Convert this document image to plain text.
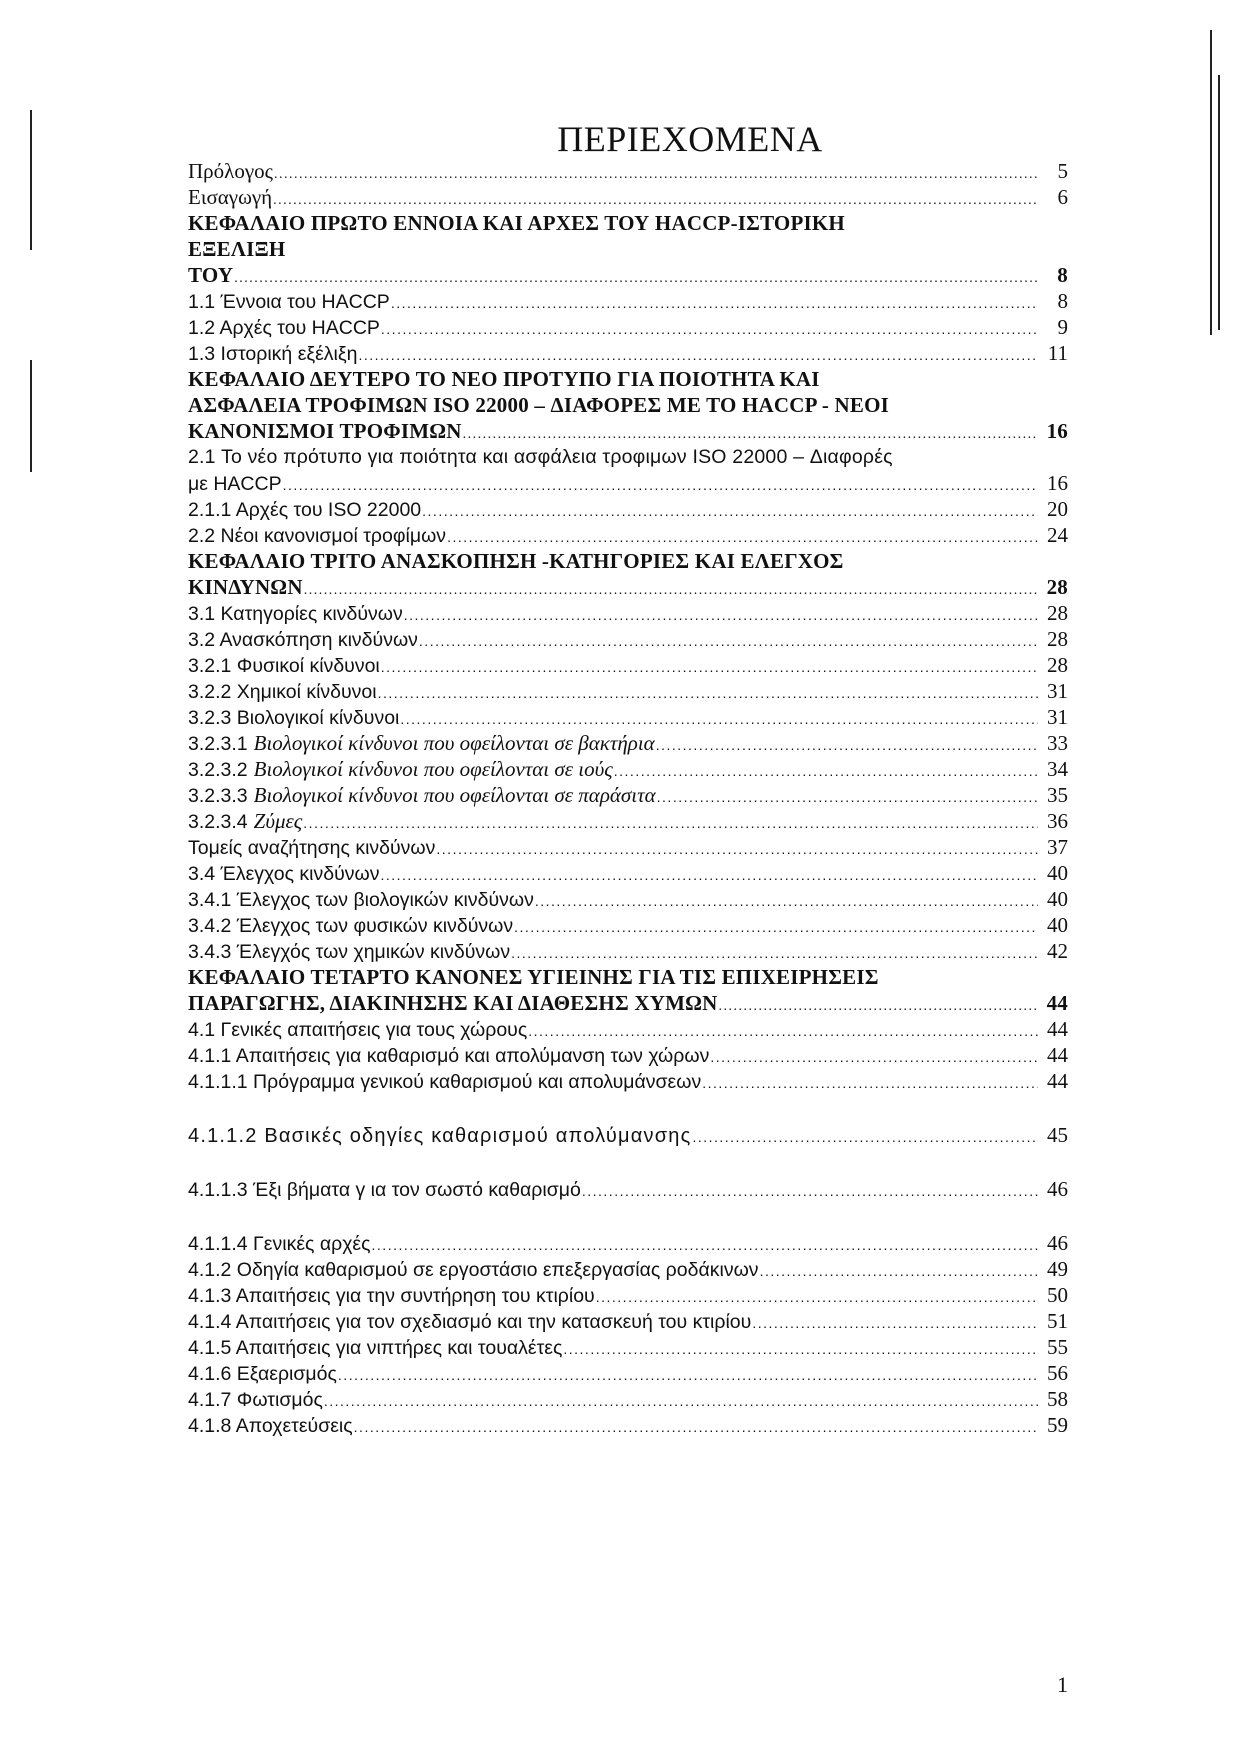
ΠΕΡΙΕΧΟΜΕΝΑ
Πρόλογος .....	5
Εισαγωγή .....	6
ΚΕΦΑΛΑΙΟ ΠΡΩΤΟ ΕΝΝΟΙΑ ΚΑΙ ΑΡΧΕΣ ΤΟΥ HACCP-ΙΣΤΟΡΙΚΗ
ΕΞΕΛΙΞΗ
ΤΟΥ .....	8
1.1 Έννοια του HACCP .....	8
1.2 Αρχές του HACCP .....	9
1.3 Ιστορική εξέλιξη .....	11
ΚΕΦΑΛΑΙΟ ΔΕΥΤΕΡΟ ΤΟ ΝΕΟ ΠΡΟΤΥΠΟ ΓΙΑ ΠΟΙΟΤΗΤΑ ΚΑΙ
ΑΣΦΑΛΕΙΑ ΤΡΟΦΙΜΩΝ ISO 22000 – ΔΙΑΦΟΡΕΣ ΜΕ ΤΟ HACCP - ΝΕΟΙ
ΚΑΝΟΝΙΣΜΟΙ ΤΡΟΦΙΜΩΝ .....	16
2.1 Το νέο πρότυπο για ποιότητα και ασφάλεια τροφιμων ISO 22000 – Διαφορές
με HACCP .....	16
2.1.1 Αρχές του ISO 22000 .....	20
2.2 Νέοι κανονισμοί τροφίμων .....	24
ΚΕΦΑΛΑΙΟ ΤΡΙΤΟ ΑΝΑΣΚΟΠΗΣΗ -ΚΑΤΗΓΟΡΙΕΣ ΚΑΙ ΕΛΕΓΧΟΣ
ΚΙΝΔΥΝΩΝ .....	28
3.1 Κατηγορίες κινδύνων .....	28
3.2 Ανασκόπηση κινδύνων .....	28
3.2.1 Φυσικοί κίνδυνοι .....	28
3.2.2 Χημικοί κίνδυνοι .....	31
3.2.3 Βιολογικοί κίνδυνοι .....	31
3.2.3.1 Βιολογικοί κίνδυνοι που οφείλονται σε βακτήρια .....	33
3.2.3.2 Βιολογικοί κίνδυνοι που οφείλονται σε ιούς .....	34
3.2.3.3 Βιολογικοί κίνδυνοι που οφείλονται σε παράσιτα .....	35
3.2.3.4 Ζύμες .....	36
Τομείς αναζήτησης κινδύνων .....	37
3.4 Έλεγχος κινδύνων .....	40
3.4.1 Έλεγχος των βιολογικών κινδύνων .....	40
3.4.2 Έλεγχος των φυσικών κινδύνων .....	40
3.4.3 Έλεγχός των χημικών κινδύνων .....	42
ΚΕΦΑΛΑΙΟ ΤΕΤΑΡΤΟ ΚΑΝΟΝΕΣ ΥΓΙΕΙΝΗΣ ΓΙΑ ΤΙΣ ΕΠΙΧΕΙΡΗΣΕΙΣ
ΠΑΡΑΓΩΓΗΣ, ΔΙΑΚΙΝΗΣΗΣ ΚΑΙ ΔΙΑΘΕΣΗΣ ΧΥΜΩΝ .....	44
4.1 Γενικές απαιτήσεις για τους χώρους .....	44
4.1.1 Απαιτήσεις για καθαρισμό και απολύμανση των χώρων .....	44
4.1.1.1 Πρόγραμμα γενικού καθαρισμού και απολυμάνσεων .....	44
4.1.1.2 Βασικές οδηγίες καθαρισμού απολύμανσης .....	45
4.1.1.3 Έξι βήματα γ ια τον σωστό καθαρισμό .....	46
4.1.1.4 Γενικές αρχές .....	46
4.1.2 Οδηγία καθαρισμού σε εργοστάσιο επεξεργασίας ροδάκινων .....	49
4.1.3 Απαιτήσεις για την συντήρηση του κτιρίου .....	50
4.1.4 Απαιτήσεις για τον σχεδιασμό και την κατασκευή του κτιρίου .....	51
4.1.5 Απαιτήσεις για νιπτήρες και τουαλέτες .....	55
4.1.6 Εξαερισμός .....	56
4.1.7 Φωτισμός .....	58
4.1.8 Αποχετεύσεις .....	59
1
